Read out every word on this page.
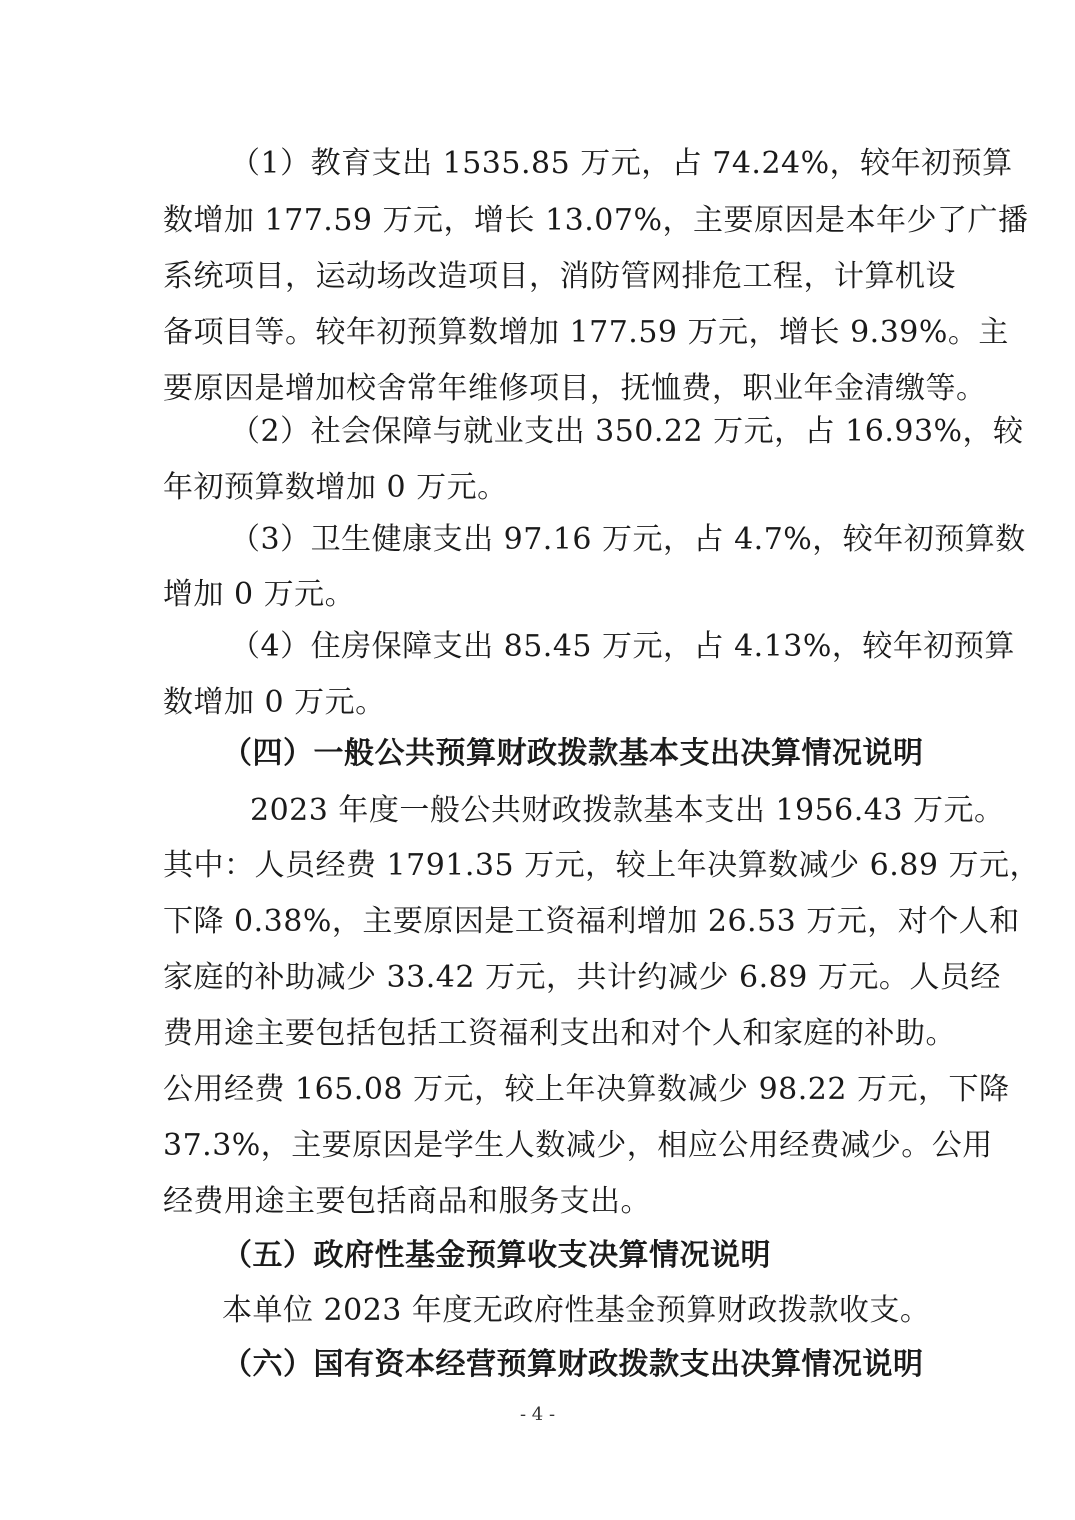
（1）教育支出 1535.85 万元，占 74.24%，较年初预算
数增加 177.59 万元，增长 13.07%，主要原因是本年少了广播
系统项目，运动场改造项目，消防管网排危工程，计算机设
备项目等。较年初预算数增加 177.59 万元，增长 9.39%。主
要原因是增加校舍常年维修项目，抚恤费，职业年金清缴等。
（2）社会保障与就业支出 350.22 万元，占 16.93%，较
年初预算数增加 0 万元。
（3）卫生健康支出 97.16 万元，占 4.7%，较年初预算数
增加 0 万元。
（4）住房保障支出 85.45 万元，占 4.13%，较年初预算
数增加 0 万元。
（四）一般公共预算财政拨款基本支出决算情况说明
2023 年度一般公共财政拨款基本支出 1956.43 万元。
其中：人员经费 1791.35 万元，较上年决算数减少 6.89 万元，
下降 0.38%，主要原因是工资福利增加 26.53 万元，对个人和
家庭的补助减少 33.42 万元，共计约减少 6.89 万元。人员经
费用途主要包括包括工资福利支出和对个人和家庭的补助。
公用经费 165.08 万元，较上年决算数减少 98.22 万元，下降
37.3%，主要原因是学生人数减少，相应公用经费减少。公用
经费用途主要包括商品和服务支出。
（五）政府性基金预算收支决算情况说明
本单位 2023 年度无政府性基金预算财政拨款收支。
（六）国有资本经营预算财政拨款支出决算情况说明
- 4 -
